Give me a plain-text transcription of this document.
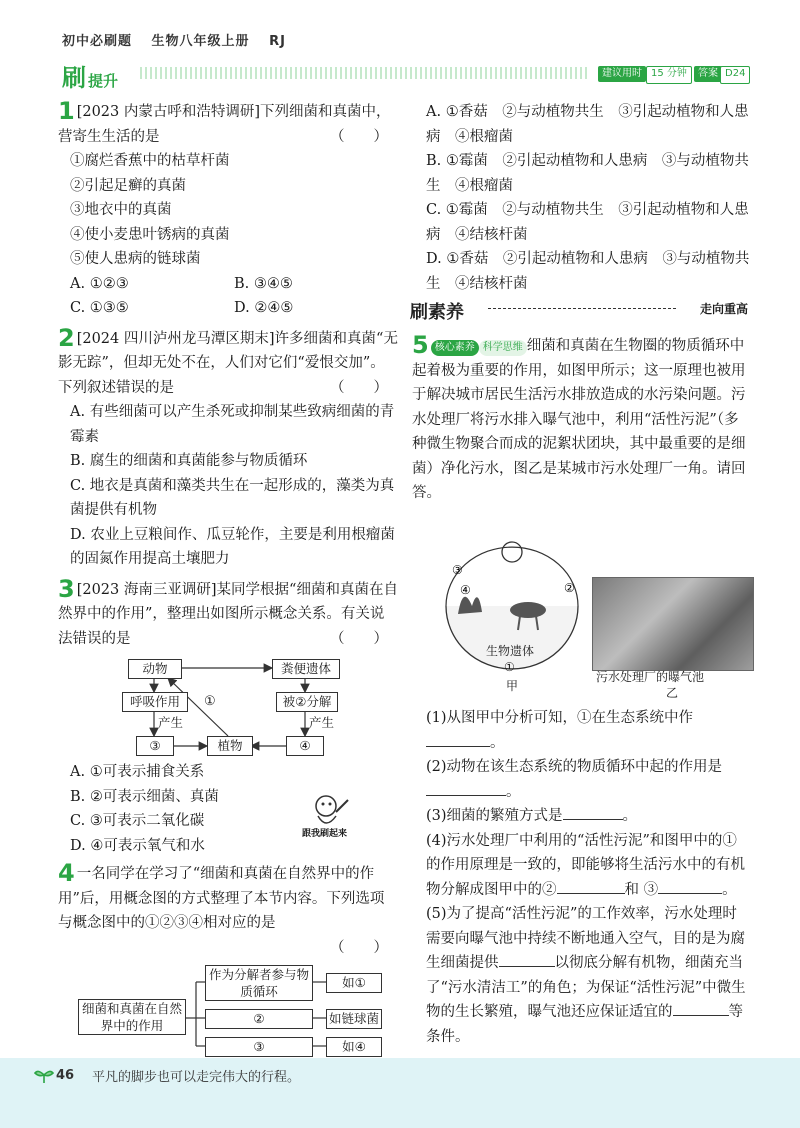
初中必刷题 生物八年级上册 RJ
刷提升	建议用时 15 分钟	答案 D24
1 [2023 内蒙古呼和浩特调研]下列细菌和真菌中，营寄生生活的是	（　　）

①腐烂香蕉中的枯草杆菌

②引起足癣的真菌

③地衣中的真菌

④使小麦患叶锈病的真菌

⑤使人患病的链球菌

A. ①②③	B. ③④⑤
C. ①③⑤	D. ②④⑤
2 [2024 四川泸州龙马潭区期末]许多细菌和真菌“无影无踪”，但却无处不在，人们对它们“爱恨交加”。下列叙述错误的是	（　　）

A. 有些细菌可以产生杀死或抑制某些致病细菌的青霉素

B. 腐生的细菌和真菌能参与物质循环

C. 地衣是真菌和藻类共生在一起形成的，藻类为真菌提供有机物

D. 农业上豆粮间作、瓜豆轮作，主要是利用根瘤菌的固氮作用提高土壤肥力

3 [2023 海南三亚调研]某同学根据“细菌和真菌在自然界中的作用”，整理出如图所示概念关系。有关说法错误的是	（　　）

动物	粪便遗体
呼吸作用	被②分解
产生	产生
③	植物	④
①

A. ①可表示捕食关系

B. ②可表示细菌、真菌

C. ③可表示二氧化碳

D. ④可表示氧气和水

跟我刷起来
4 一名同学在学习了“细菌和真菌在自然界中的作用”后，用概念图的方式整理了本节内容。下列选项与概念图中的①②③④相对应的是

（　　）

细菌和真菌在自然界中的作用
作为分解者参与物质循环
②
③
如①
如链球菌
如④

A. ①香菇　②与动植物共生　③引起动植物和人患病　④根瘤菌

B. ①霉菌　②引起动植物和人患病　③与动植物共生　④根瘤菌

C. ①霉菌　②与动植物共生　③引起动植物和人患病　④结核杆菌

D. ①香菇　②引起动植物和人患病　③与动植物共生　④结核杆菌

刷素养	走向重高
5 核心素养 科学思维 细菌和真菌在生物圈的物质循环中起着极为重要的作用，如图甲所示；这一原理也被用于解决城市居民生活污水排放造成的水污染问题。污水处理厂将污水排入曝气池中，利用“活性污泥”（多种微生物聚合而成的泥絮状团块，其中最重要的是细菌）净化污水，图乙是某城市污水处理厂一角。请回答。

③
④	②
生物遗体
①
甲
污水处理厂的曝气池
乙

(1)从图甲中分析可知，①在生态系统中作 。

(2)动物在该生态系统的物质循环中起的作用是。

(3)细菌的繁殖方式是	。

(4)污水处理厂中利用的“活性污泥”和图甲中的①的作用原理是一致的，即能够将生活污水中的有机物分解成图甲中的②	和 ③	。

(5)为了提高“活性污泥”的工作效率，污水处理时需要向曝气池中持续不断地通入空气，目的是为腐生细菌提供	以彻底分解有机物，细菌充当了“污水清洁工”的角色；为保证“活性污泥”中微生物的生长繁殖，曝气池还应保证适宜的	等条件。

46 平凡的脚步也可以走完伟大的行程。
